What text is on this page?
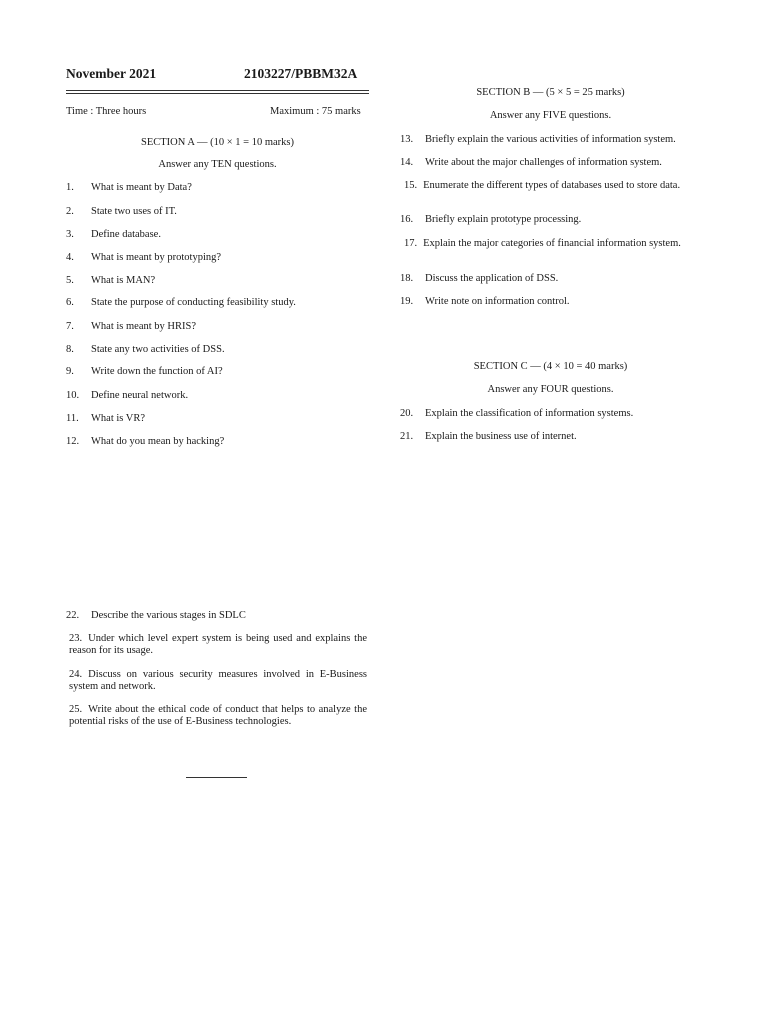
November 2021	2103227/PBBM32A
Time : Three hours	Maximum : 75 marks
SECTION A — (10 × 1 = 10 marks)
Answer any TEN questions.
1. What is meant by Data?
2. State two uses of IT.
3. Define database.
4. What is meant by prototyping?
5. What is MAN?
6. State the purpose of conducting feasibility study.
7. What is meant by HRIS?
8. State any two activities of DSS.
9. Write down the function of AI?
10. Define neural network.
11. What is VR?
12. What do you mean by hacking?
SECTION B — (5 × 5 = 25 marks)
Answer any FIVE questions.
13. Briefly explain the various activities of information system.
14. Write about the major challenges of information system.
15. Enumerate the different types of databases used to store data.
16. Briefly explain prototype processing.
17. Explain the major categories of financial information system.
18. Discuss the application of DSS.
19. Write note on information control.
SECTION C — (4 × 10 = 40 marks)
Answer any FOUR questions.
20. Explain the classification of information systems.
21. Explain the business use of internet.
22. Describe the various stages in SDLC
23. Under which level expert system is being used and explains the reason for its usage.
24. Discuss on various security measures involved in E-Business system and network.
25. Write about the ethical code of conduct that helps to analyze the potential risks of the use of E-Business technologies.
